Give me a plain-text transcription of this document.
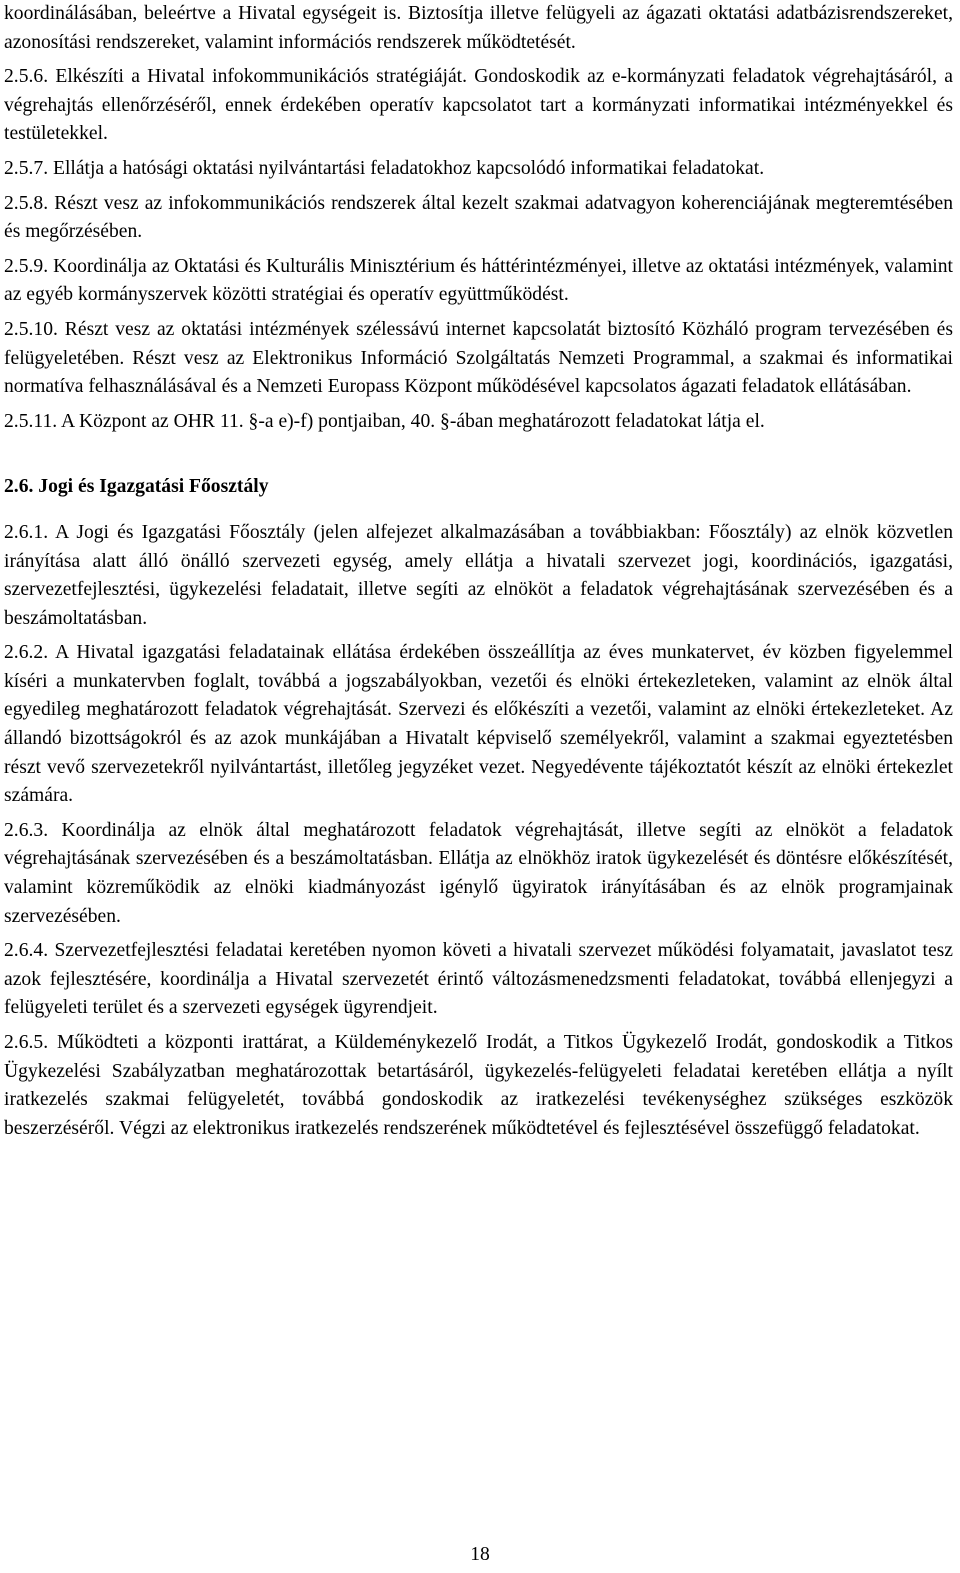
koordinálásában, beleértve a Hivatal egységeit is. Biztosítja illetve felügyeli az ágazati oktatási adatbázisrendszereket, azonosítási rendszereket, valamint információs rendszerek működtetését.

2.5.6. Elkészíti a Hivatal infokommunikációs stratégiáját. Gondoskodik az e-kormányzati feladatok végrehajtásáról, a végrehajtás ellenőrzéséről, ennek érdekében operatív kapcsolatot tart a kormányzati informatikai intézményekkel és testületekkel.

2.5.7. Ellátja a hatósági oktatási nyilvántartási feladatokhoz kapcsolódó informatikai feladatokat.

2.5.8. Részt vesz az infokommunikációs rendszerek által kezelt szakmai adatvagyon koherenciájának megteremtésében és megőrzésében.

2.5.9. Koordinálja az Oktatási és Kulturális Minisztérium és háttérintézményei, illetve az oktatási intézmények, valamint az egyéb kormányszervek közötti stratégiai és operatív együttműködést.

2.5.10. Részt vesz az oktatási intézmények szélessávú internet kapcsolatát biztosító Közháló program tervezésében és felügyeletében. Részt vesz az Elektronikus Információ Szolgáltatás Nemzeti Programmal, a szakmai és informatikai normatíva felhasználásával és a Nemzeti Europass Központ működésével kapcsolatos ágazati feladatok ellátásában.

2.5.11. A Központ az OHR 11. §-a e)-f) pontjaiban, 40. §-ában meghatározott feladatokat látja el.

2.6. Jogi és Igazgatási Főosztály

2.6.1. A Jogi és Igazgatási Főosztály (jelen alfejezet alkalmazásában a továbbiakban: Főosztály) az elnök közvetlen irányítása alatt álló önálló szervezeti egység, amely ellátja a hivatali szervezet jogi, koordinációs, igazgatási, szervezetfejlesztési, ügykezelési feladatait, illetve segíti az elnököt a feladatok végrehajtásának szervezésében és a beszámoltatásban.

2.6.2. A Hivatal igazgatási feladatainak ellátása érdekében összeállítja az éves munkatervet, év közben figyelemmel kíséri a munkatervben foglalt, továbbá a jogszabályokban, vezetői és elnöki értekezleteken, valamint az elnök által egyedileg meghatározott feladatok végrehajtását. Szervezi és előkészíti a vezetői, valamint az elnöki értekezleteket. Az állandó bizottságokról és az azok munkájában a Hivatalt képviselő személyekről, valamint a szakmai egyeztetésben részt vevő szervezetekről nyilvántartást, illetőleg jegyzéket vezet. Negyedévente tájékoztatót készít az elnöki értekezlet számára.

2.6.3. Koordinálja az elnök által meghatározott feladatok végrehajtását, illetve segíti az elnököt a feladatok végrehajtásának szervezésében és a beszámoltatásban. Ellátja az elnökhöz iratok ügykezelését és döntésre előkészítését, valamint közreműködik az elnöki kiadmányozást igénylő ügyiratok irányításában és az elnök programjainak szervezésében.

2.6.4. Szervezetfejlesztési feladatai keretében nyomon követi a hivatali szervezet működési folyamatait, javaslatot tesz azok fejlesztésére, koordinálja a Hivatal szervezetét érintő változásmenedzsmenti feladatokat, továbbá ellenjegyzi a felügyeleti terület és a szervezeti egységek ügyrendjeit.

2.6.5. Működteti a központi irattárat, a Küldeménykezelő Irodát, a Titkos Ügykezelő Irodát, gondoskodik a Titkos Ügykezelési Szabályzatban meghatározottak betartásáról, ügykezelés-felügyeleti feladatai keretében ellátja a nyílt iratkezelés szakmai felügyeletét, továbbá gondoskodik az iratkezelési tevékenységhez szükséges eszközök beszerzéséről. Végzi az elektronikus iratkezelés rendszerének működtetével és fejlesztésével összefüggő feladatokat.

18
